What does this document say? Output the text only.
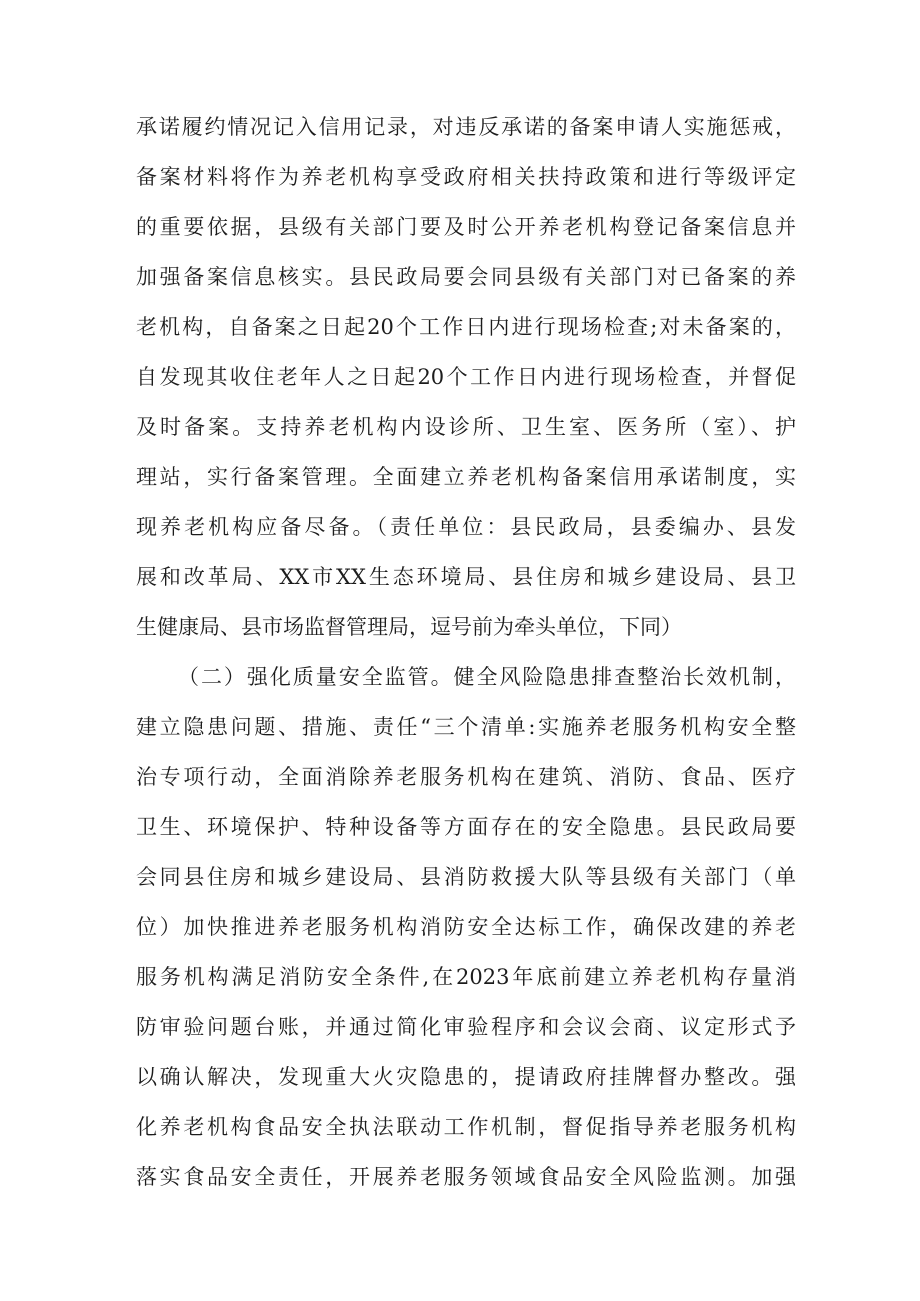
承诺履约情况记入信用记录，对违反承诺的备案申请人实施惩戒，
备案材料将作为养老机构享受政府相关扶持政策和进行等级评定
的重要依据，县级有关部门要及时公开养老机构登记备案信息并
加强备案信息核实。县民政局要会同县级有关部门对已备案的养
老机构，自备案之日起20个工作日内进行现场检查;对未备案的，
自发现其收住老年人之日起20个工作日内进行现场检查，并督促
及时备案。支持养老机构内设诊所、卫生室、医务所（室）、护
理站，实行备案管理。全面建立养老机构备案信用承诺制度，实
现养老机构应备尽备。（责任单位：县民政局，县委编办、县发
展和改革局、XX市XX生态环境局、县住房和城乡建设局、县卫
生健康局、县市场监督管理局，逗号前为牵头单位，下同）
（二）强化质量安全监管。健全风险隐患排查整治长效机制，
建立隐患问题、措施、责任“三个清单:实施养老服务机构安全整
治专项行动，全面消除养老服务机构在建筑、消防、食品、医疗
卫生、环境保护、特种设备等方面存在的安全隐患。县民政局要
会同县住房和城乡建设局、县消防救援大队等县级有关部门（单
位）加快推进养老服务机构消防安全达标工作，确保改建的养老
服务机构满足消防安全条件,在2023年底前建立养老机构存量消
防审验问题台账，并通过简化审验程序和会议会商、议定形式予
以确认解决，发现重大火灾隐患的，提请政府挂牌督办整改。强
化养老机构食品安全执法联动工作机制，督促指导养老服务机构
落实食品安全责任，开展养老服务领域食品安全风险监测。加强
